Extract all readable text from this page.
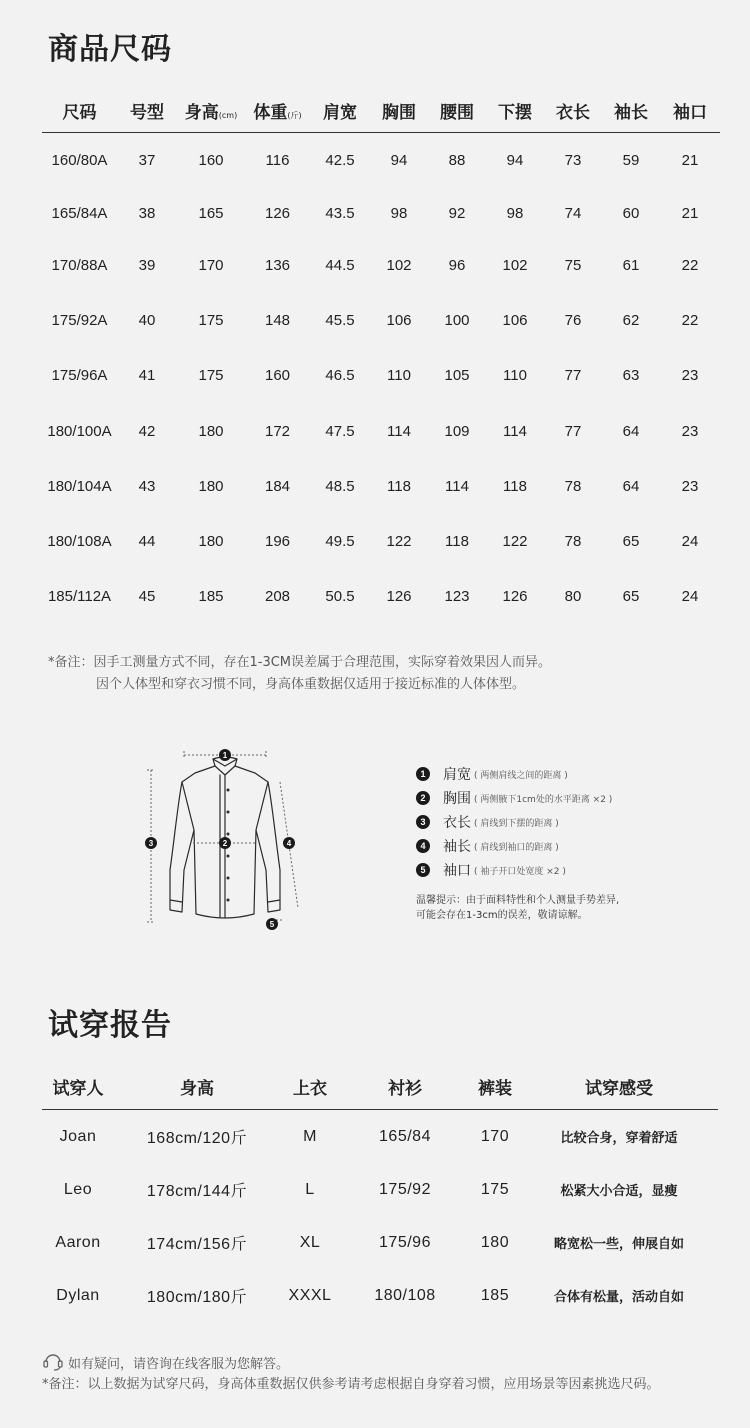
商品尺码
尺码	号型	身高(cm)	体重(斤)	肩宽	胸围	腰围	下摆	衣长	袖长	袖口
160/80A	37	160	116	42.5	94	88	94	73	59	21
165/84A	38	165	126	43.5	98	92	98	74	60	21
170/88A	39	170	136	44.5	102	96	102	75	61	22
175/92A	40	175	148	45.5	106	100	106	76	62	22
175/96A	41	175	160	46.5	110	105	110	77	63	23
180/100A	42	180	172	47.5	114	109	114	77	64	23
180/104A	43	180	184	48.5	118	114	118	78	64	23
180/108A	44	180	196	49.5	122	118	122	78	65	24
185/112A	45	185	208	50.5	126	123	126	80	65	24
*备注：因手工测量方式不同，存在1-3CM误差属于合理范围，实际穿着效果因人而异。
因个人体型和穿衣习惯不同，身高体重数据仅适用于接近标准的人体体型。
1
2
3	4
5
1	肩宽 ( 两侧肩线之间的距离 )
2	胸围 ( 两侧腋下1cm处的水平距离 ×2 )
3	衣长 ( 肩线到下摆的距离 )
4	袖长 ( 肩线到袖口的距离 )
5	袖口 ( 袖子开口处宽度 ×2 )
温馨提示：由于面料特性和个人测量手势差异,
可能会存在1-3cm的误差，敬请谅解。
试穿报告
试穿人	身高	上衣	衬衫	裤装	试穿感受
Joan	168cm/120斤	M	165/84	170	比较合身，穿着舒适
Leo	178cm/144斤	L	175/92	175	松紧大小合适，显瘦
Aaron	174cm/156斤	XL	175/96	180	略宽松一些，伸展自如
Dylan	180cm/180斤	XXXL	180/108	185	合体有松量，活动自如
如有疑问，请咨询在线客服为您解答。
*备注：以上数据为试穿尺码，身高体重数据仅供参考请考虑根据自身穿着习惯，应用场景等因素挑选尺码。
